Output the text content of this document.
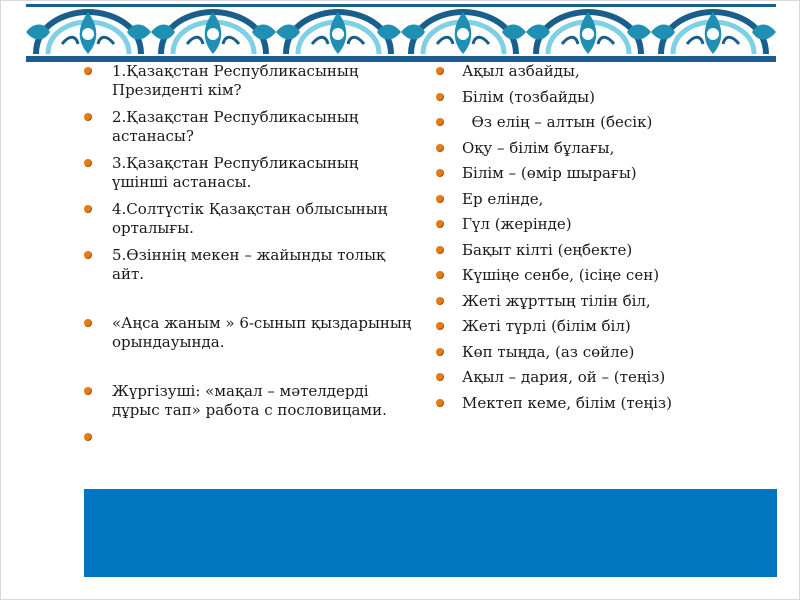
1.Қазақстан Республикасының Президенті кім?
2.Қазақстан Республикасының астанасы?
3.Қазақстан Республикасының үшінші астанасы.
4.Солтүстік Қазақстан облысының орталығы.
5.Өзіннің мекен – жайынды толық айт.
«Аңса жаным » 6-сынып қыздарының орындауында.
Жүргізуші: «мақал – мәтелдерді дұрыс тап» работа с пословицами.
Ақыл азбайды,
Білім (тозбайды)
Өз елің – алтын (бесік)
Оқу – білім бұлағы,
Білім – (өмір шырағы)
Ер елінде,
Гүл (жерінде)
Бақыт кілті (еңбекте)
Күшіңе сенбе, (ісіңе сен)
Жеті жұрттың тілін біл,
Жеті түрлі (білім біл)
Көп тыңда, (аз сөйле)
Ақыл – дария, ой – (теңіз)
Мектеп кеме, білім (теңіз)
